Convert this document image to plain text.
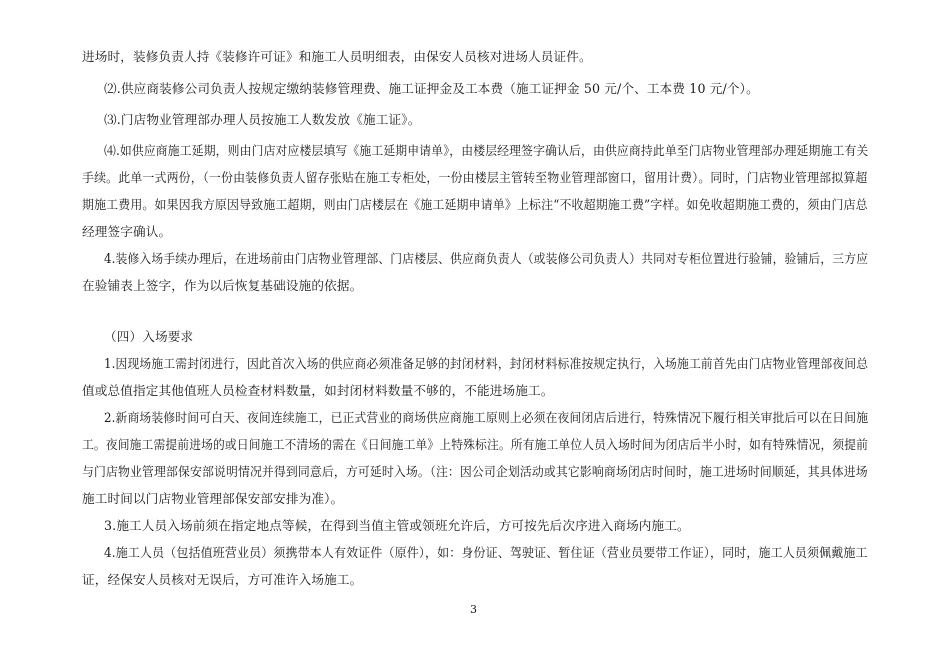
进场时，装修负责人持《装修许可证》和施工人员明细表，由保安人员核对进场人员证件。
⑵.供应商装修公司负责人按规定缴纳装修管理费、施工证押金及工本费（施工证押金 50 元/个、工本费 10 元/个）。
⑶.门店物业管理部办理人员按施工人数发放《施工证》。
⑷.如供应商施工延期，则由门店对应楼层填写《施工延期申请单》，由楼层经理签字确认后，由供应商持此单至门店物业管理部办理延期施工有关
手续。此单一式两份，（一份由装修负责人留存张贴在施工专柜处，一份由楼层主管转至物业管理部窗口，留用计费）。同时，门店物业管理部拟算超
期施工费用。如果因我方原因导致施工超期，则由门店楼层在《施工延期申请单》上标注“不收超期施工费”字样。如免收超期施工费的，须由门店总
经理签字确认。
4.装修入场手续办理后，在进场前由门店物业管理部、门店楼层、供应商负责人（或装修公司负责人）共同对专柜位置进行验铺，验铺后，三方应
在验铺表上签字，作为以后恢复基础设施的依据。
（四）入场要求
1.因现场施工需封闭进行，因此首次入场的供应商必须准备足够的封闭材料，封闭材料标准按规定执行，入场施工前首先由门店物业管理部夜间总
值或总值指定其他值班人员检查材料数量，如封闭材料数量不够的，不能进场施工。
2.新商场装修时间可白天、夜间连续施工，已正式营业的商场供应商施工原则上必须在夜间闭店后进行，特殊情况下履行相关审批后可以在日间施
工。夜间施工需提前进场的或日间施工不清场的需在《日间施工单》上特殊标注。所有施工单位人员入场时间为闭店后半小时，如有特殊情况，须提前
与门店物业管理部保安部说明情况并得到同意后，方可延时入场。（注：因公司企划活动或其它影响商场闭店时间时，施工进场时间顺延，其具体进场
施工时间以门店物业管理部保安部安排为准）。
3.施工人员入场前须在指定地点等候，在得到当值主管或领班允许后，方可按先后次序进入商场内施工。
4.施工人员（包括值班营业员）须携带本人有效证件（原件），如：身份证、驾驶证、暂住证（营业员要带工作证），同时，施工人员须佩戴施工
证，经保安人员核对无误后，方可准许入场施工。
3
